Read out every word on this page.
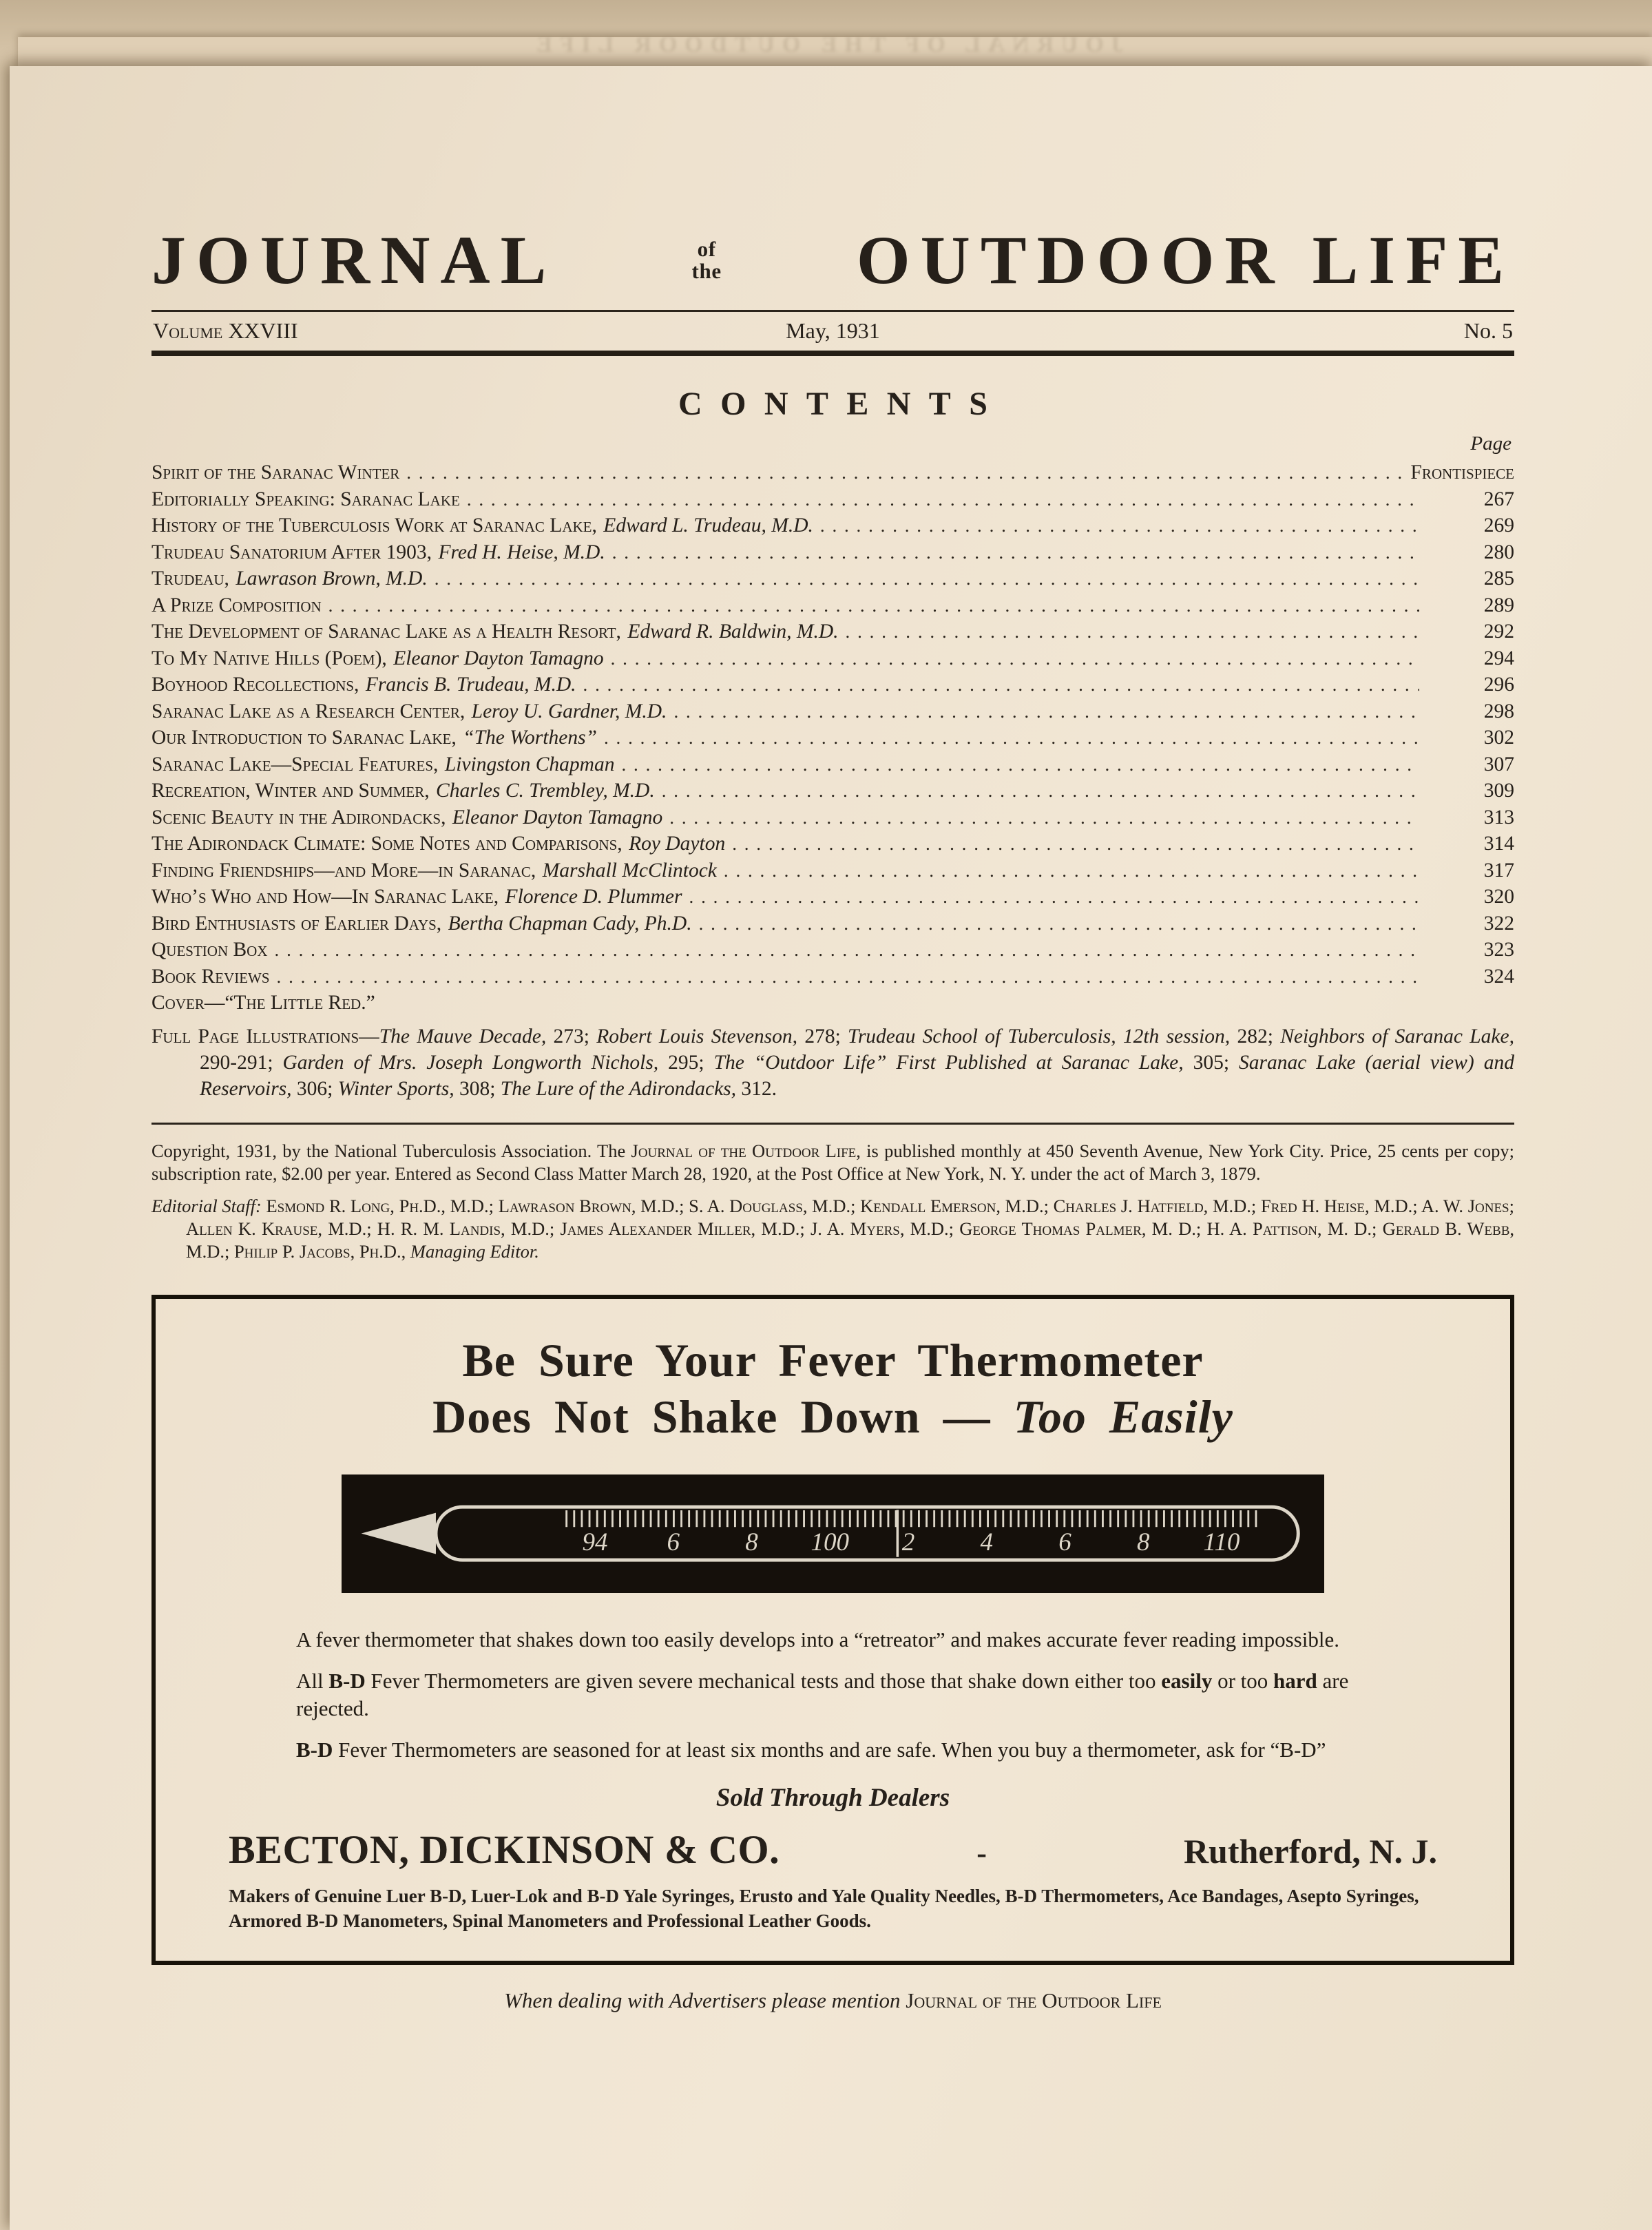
JOURNAL OF THE OUTDOOR LIFE
JOURNAL	of
the OUTDOOR LIFE
Volume XXVIII	May, 1931	No. 5
CONTENTS
Page
Spirit of the Saranac Winter .....	Frontispiece
Editorially Speaking: Saranac Lake .....	267
History of the Tuberculosis Work at Saranac Lake, Edward L. Trudeau, M.D. .....	269
Trudeau Sanatorium After 1903, Fred H. Heise, M.D. .....	280
Trudeau, Lawrason Brown, M.D. .....	285
A Prize Composition .....	289
The Development of Saranac Lake as a Health Resort, Edward R. Baldwin, M.D. .....	292
To My Native Hills (Poem), Eleanor Dayton Tamagno .....	294
Boyhood Recollections, Francis B. Trudeau, M.D. .....	296
Saranac Lake as a Research Center, Leroy U. Gardner, M.D. .....	298
Our Introduction to Saranac Lake, “The Worthens” .....	302
Saranac Lake—Special Features, Livingston Chapman .....	307
Recreation, Winter and Summer, Charles C. Trembley, M.D. .....	309
Scenic Beauty in the Adirondacks, Eleanor Dayton Tamagno .....	313
The Adirondack Climate: Some Notes and Comparisons, Roy Dayton .....	314
Finding Friendships—and More—in Saranac, Marshall McClintock .....	317
Who’s Who and How—In Saranac Lake, Florence D. Plummer .....	320
Bird Enthusiasts of Earlier Days, Bertha Chapman Cady, Ph.D. .....	322
Question Box .....	323
Book Reviews .....	324
Cover—“The Little Red.”

Full Page Illustrations—The Mauve Decade, 273; Robert Louis Stevenson, 278; Trudeau School of Tuberculosis, 12th session, 282; Neighbors of Saranac Lake, 290-291; Garden of Mrs. Joseph Longworth Nichols, 295; The “Outdoor Life” First Published at Saranac Lake, 305; Saranac Lake (aerial view) and Reservoirs, 306; Winter Sports, 308; The Lure of the Adirondacks, 312.

Copyright, 1931, by the National Tuberculosis Association. The Journal of the Outdoor Life, is published monthly at 450 Seventh Avenue, New York City. Price, 25 cents per copy; subscription rate, $2.00 per year. Entered as Second Class Matter March 28, 1920, at the Post Office at New York, N. Y. under the act of March 3, 1879.

Editorial Staff: Esmond R. Long, Ph.D., M.D.; Lawrason Brown, M.D.; S. A. Douglass, M.D.; Kendall Emerson, M.D.; Charles J. Hatfield, M.D.; Fred H. Heise, M.D.; A. W. Jones; Allen K. Krause, M.D.; H. R. M. Landis, M.D.; James Alexander Miller, M.D.; J. A. Myers, M.D.; George Thomas Palmer, M. D.; H. A. Pattison, M. D.; Gerald B. Webb, M.D.; Philip P. Jacobs, Ph.D., Managing Editor.

Be Sure Your Fever Thermometer
Does Not Shake Down — Too Easily
94	6	8	100	2	4	6	8	110

A fever thermometer that shakes down too easily develops into a “retreator” and makes accurate fever reading impossible.

All B-D Fever Thermometers are given severe mechanical tests and those that shake down either too easily or too hard are rejected.

B-D Fever Thermometers are seasoned for at least six months and are safe. When you buy a thermometer, ask for “B-D”

Sold Through Dealers
BECTON, DICKINSON & CO.	-	Rutherford, N. J.

Makers of Genuine Luer B-D, Luer-Lok and B-D Yale Syringes, Erusto and Yale Quality Needles, B-D Thermometers, Ace Bandages, Asepto Syringes, Armored B-D Manometers, Spinal Manometers and Professional Leather Goods.

When dealing with Advertisers please mention Journal of the Outdoor Life
